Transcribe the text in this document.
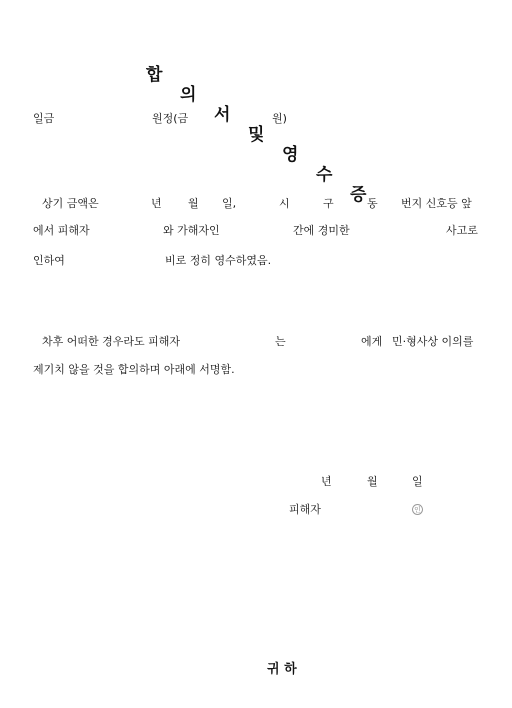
합

의

서

및

영

수

증

일금	원정(금	원)
상기 금액은	년 월 일,	시	구	동 번지 신호등 앞
에서 피해자	와 가해자인	간에 경미한	사고로
인하여	비로 정히 영수하였음.
차후 어떠한 경우라도 피해자	는	에게 민·형사상 이의를
제기치 않을 것을 합의하며 아래에 서명함.
년	월	일
피해자	인
귀 하
